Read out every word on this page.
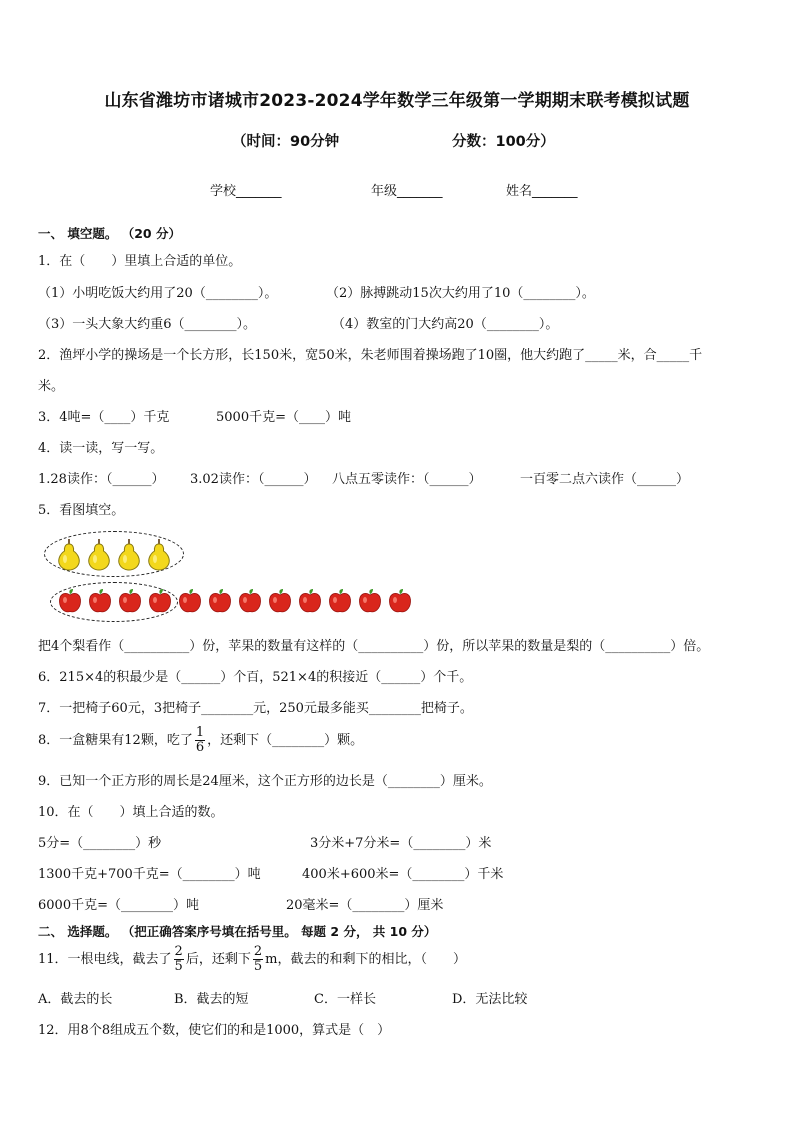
山东省潍坊市诸城市2023-2024学年数学三年级第一学期期末联考模拟试题
（时间：90分钟	分数：100分）
学校_______	年级_______	姓名_______
一、 填空题。 （20 分）
1．在（　　）里填上合适的单位。
（1）小明吃饭大约用了20（________）。	（2）脉搏跳动15次大约用了10（________）。
（3）一头大象大约重6（________）。	（4）教室的门大约高20（________）。
2．渔坪小学的操场是一个长方形，长150米，宽50米，朱老师围着操场跑了10圈，他大约跑了_____米，合_____千
米。
3．4吨=（____）千克	5000千克=（____）吨
4．读一读，写一写。
1.28读作：（______） 3.02读作：（______） 八点五零读作：（______）	一百零二点六读作（______）
5．看图填空。
把4个梨看作（__________）份，苹果的数量有这样的（__________）份，所以苹果的数量是梨的（__________）倍。
6．215×4的积最少是（______）个百，521×4的积接近（______）个千。
7．一把椅子60元，3把椅子________元，250元最多能买________把椅子。
8．一盒糖果有12颗，吃了 $\frac{1}{6}$ ，还剩下（________）颗。
9．已知一个正方形的周长是24厘米，这个正方形的边长是（________）厘米。
10．在（　　）填上合适的数。
5分=（________）秒	3分米+7分米=（________）米
1300千克+700千克=（________）吨	400米+600米=（________）千米
6000千克=（________）吨	20毫米=（________）厘米
二、 选择题。 （把正确答案序号填在括号里。 每题 2 分， 共 10 分）
11．一根电线，截去了 $\frac{2}{5}$ 后，还剩下 $\frac{2}{5}$ m，截去的和剩下的相比，（　　）
A．截去的长	B．截去的短	C．一样长	D．无法比较
12．用8个8组成五个数，使它们的和是1000，算式是（　）
